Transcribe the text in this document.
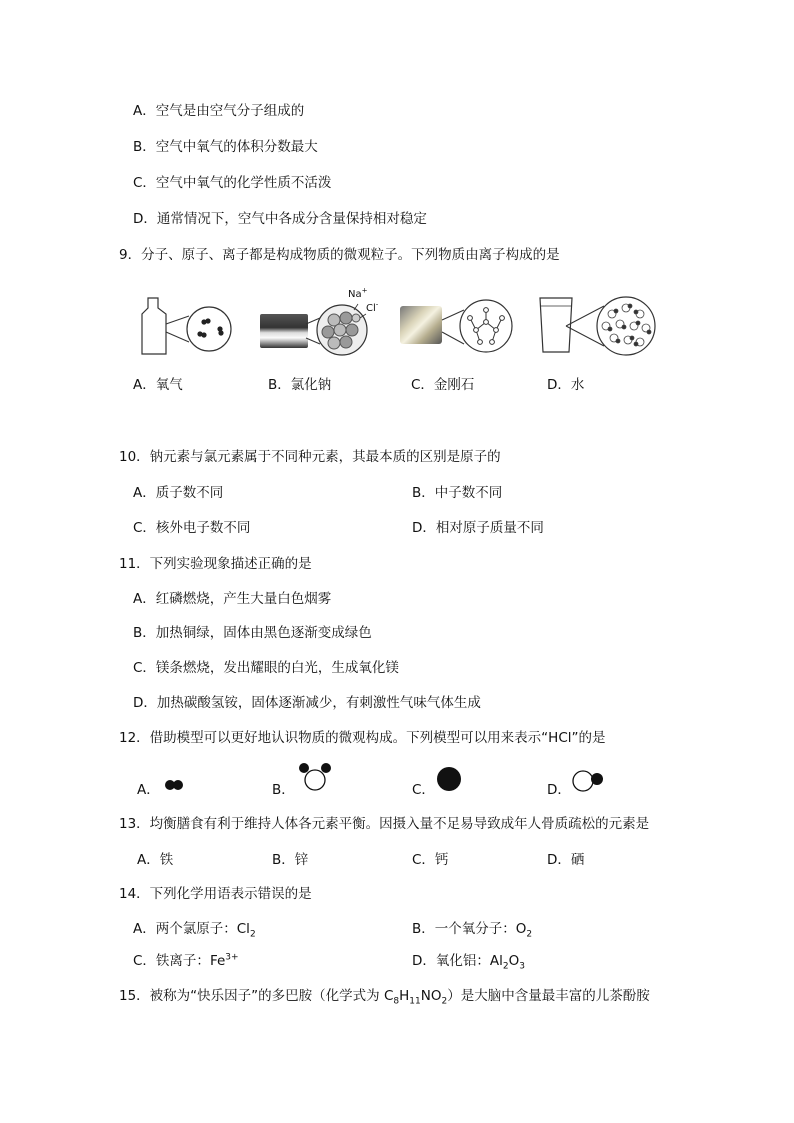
A．空气是由空气分子组成的
B．空气中氧气的体积分数最大
C．空气中氧气的化学性质不活泼
D．通常情况下，空气中各成分含量保持相对稳定
9．分子、原子、离子都是构成物质的微观粒子。下列物质由离子构成的是
Na+
Cl-
A．氧气	B．氯化钠	C．金刚石	D．水
10．钠元素与氯元素属于不同种元素，其最本质的区别是原子的
A．质子数不同	B．中子数不同
C．核外电子数不同	D．相对原子质量不同
11．下列实验现象描述正确的是
A．红磷燃烧，产生大量白色烟雾
B．加热铜绿，固体由黑色逐渐变成绿色
C．镁条燃烧，发出耀眼的白光，生成氧化镁
D．加热碳酸氢铵，固体逐渐减少，有刺激性气味气体生成
12．借助模型可以更好地认识物质的微观构成。下列模型可以用来表示“HCl”的是
A．	B．	C．	D．
13．均衡膳食有利于维持人体各元素平衡。因摄入量不足易导致成年人骨质疏松的元素是
A．铁	B．锌	C．钙	D．硒
14．下列化学用语表示错误的是
A．两个氯原子：$Cl_2$	B．一个氧分子：$O_2$
C．铁离子：$Fe^{3+}$	D．氧化铝：$Al_2O_3$
15．被称为“快乐因子”的多巴胺（化学式为 $C_8H_{11}NO_2$）是大脑中含量最丰富的儿茶酚胺
